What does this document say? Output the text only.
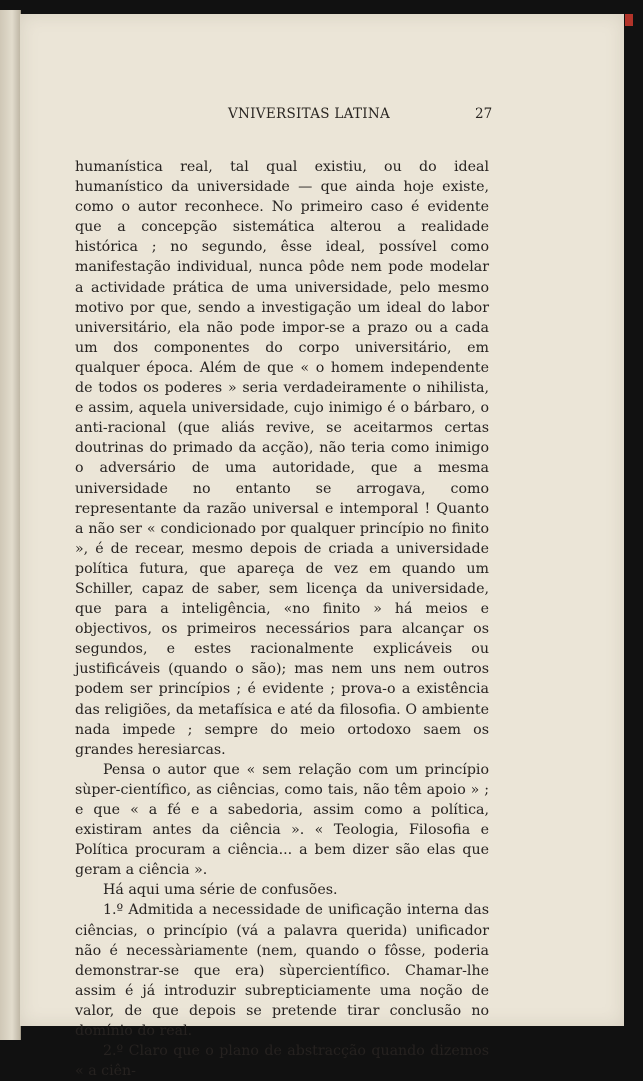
VNIVERSITAS LATINA	27

humanística real, tal qual existiu, ou do ideal humanístico da universidade — que ainda hoje existe, como o autor reconhece. No primeiro caso é evidente que a concepção sistemática alterou a realidade histórica ; no segundo, êsse ideal, possível como manifestação individual, nunca pôde nem pode modelar a actividade prática de uma universidade, pelo mesmo motivo por que, sendo a investigação um ideal do labor universitário, ela não pode impor-se a prazo ou a cada um dos componentes do corpo universitário, em qualquer época. Além de que « o homem independente de todos os poderes » seria verdadeiramente o nihilista, e assim, aquela universidade, cujo inimigo é o bárbaro, o anti-racional (que aliás revive, se aceitarmos certas doutrinas do primado da acção), não teria como inimigo o adversário de uma autoridade, que a mesma universidade no entanto se arrogava, como representante da razão universal e intemporal ! Quanto a não ser « condicionado por qualquer princípio no finito », é de recear, mesmo depois de criada a universidade política futura, que apareça de vez em quando um Schiller, capaz de saber, sem licença da universidade, que para a inteligência, «no finito » há meios e objectivos, os primeiros necessários para alcançar os segundos, e estes racionalmente explicáveis ou justificáveis (quando o são); mas nem uns nem outros podem ser princípios ; é evidente ; prova-o a existência das religiões, da metafísica e até da filosofia. O ambiente nada impede ; sempre do meio ortodoxo saem os grandes heresiarcas.

Pensa o autor que « sem relação com um princípio sùper-científico, as ciências, como tais, não têm apoio » ; e que « a fé e a sabedoria, assim como a política, existiram antes da ciência ». « Teologia, Filosofia e Política procuram a ciência... a bem dizer são elas que geram a ciência ».

Há aqui uma série de confusões.

1.º Admitida a necessidade de unificação interna das ciências, o princípio (vá a palavra querida) unificador não é necessàriamente (nem, quando o fôsse, poderia demonstrar-se que era) sùpercientífico. Chamar-lhe assim é já introduzir subrepticiamente uma noção de valor, de que depois se pretende tirar conclusão no domínio do real.

2.º Claro que o plano de abstracção quando dizemos « a ciên-
